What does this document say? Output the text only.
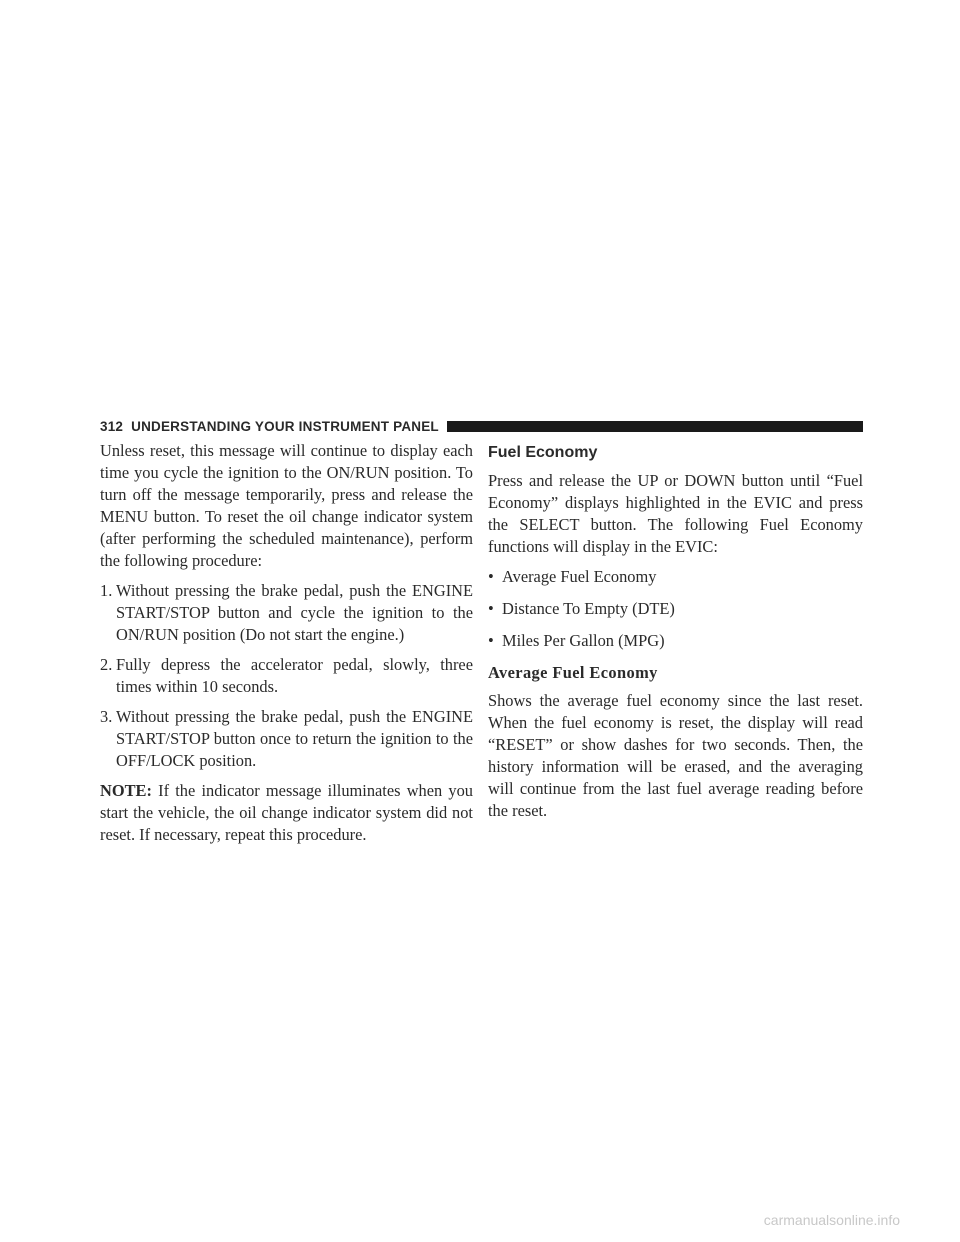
312 UNDERSTANDING YOUR INSTRUMENT PANEL

Unless reset, this message will continue to display each time you cycle the ignition to the ON/RUN position. To turn off the message temporarily, press and release the MENU button. To reset the oil change indicator system (after performing the scheduled maintenance), perform the following procedure:

1. Without pressing the brake pedal, push the ENGINE START/STOP button and cycle the ignition to the ON/RUN position (Do not start the engine.)
2. Fully depress the accelerator pedal, slowly, three times within 10 seconds.
3. Without pressing the brake pedal, push the ENGINE START/STOP button once to return the ignition to the OFF/LOCK position.

NOTE: If the indicator message illuminates when you start the vehicle, the oil change indicator system did not reset. If necessary, repeat this procedure.

Fuel Economy

Press and release the UP or DOWN button until “Fuel Economy” displays highlighted in the EVIC and press the SELECT button. The following Fuel Economy functions will display in the EVIC:

• Average Fuel Economy
• Distance To Empty (DTE)
• Miles Per Gallon (MPG)
Average Fuel Economy

Shows the average fuel economy since the last reset. When the fuel economy is reset, the display will read “RESET” or show dashes for two seconds. Then, the history information will be erased, and the averaging will continue from the last fuel average reading before the reset.

carmanualsonline.info
